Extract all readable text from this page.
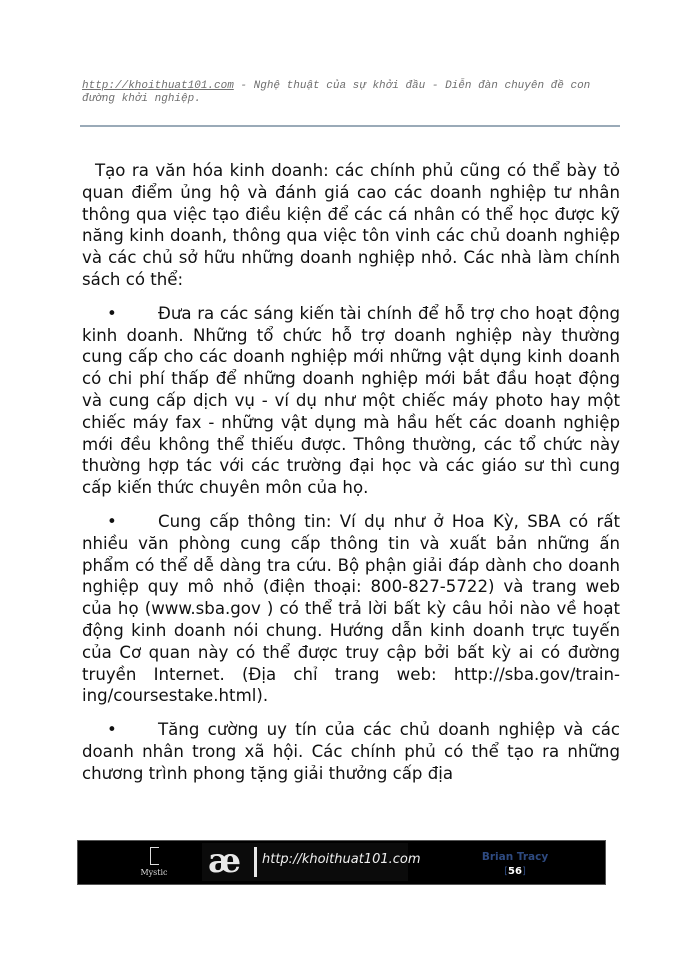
http://khoithuat101.com - Nghệ thuật của sự khởi đầu - Diễn đàn chuyên đề con đường khởi nghiệp.

Tạo ra văn hóa kinh doanh: các chính phủ cũng có thể bày tỏ quan điểm ủng hộ và đánh giá cao các doanh nghiệp tư nhân thông qua việc tạo điều kiện để các cá nhân có thể học được kỹ năng kinh doanh, thông qua việc tôn vinh các chủ doanh nghiệp và các chủ sở hữu những doanh nghiệp nhỏ. Các nhà làm chính sách có thể:

• Đưa ra các sáng kiến tài chính để hỗ trợ cho hoạt động kinh doanh. Những tổ chức hỗ trợ doanh nghiệp này thường cung cấp cho các doanh nghiệp mới những vật dụng kinh doanh có chi phí thấp để những doanh nghiệp mới bắt đầu hoạt động và cung cấp dịch vụ - ví dụ như một chiếc máy photo hay một chiếc máy fax - những vật dụng mà hầu hết các doanh nghiệp mới đều không thể thiếu được. Thông thường, các tổ chức này thường hợp tác với các trường đại học và các giáo sư thì cung cấp kiến thức chuyên môn của họ.

• Cung cấp thông tin: Ví dụ như ở Hoa Kỳ, SBA có rất nhiều văn phòng cung cấp thông tin và xuất bản những ấn phẩm có thể dễ dàng tra cứu. Bộ phận giải đáp dành cho doanh nghiệp quy mô nhỏ (điện thoại: 800-827-5722) và trang web của họ (www.sba.gov ) có thể trả lời bất kỳ câu hỏi nào về hoạt động kinh doanh nói chung. Hướng dẫn kinh doanh trực tuyến của Cơ quan này có thể được truy cập bởi bất kỳ ai có đường truyền Internet. (Địa chỉ trang web: http://sba.gov/train-ing/coursestake.html).

• Tăng cường uy tín của các chủ doanh nghiệp và các doanh nhân trong xã hội. Các chính phủ có thể tạo ra những chương trình phong tặng giải thưởng cấp địa

Mystic æ http://khoithuat101.com	Brian Tracy
[56]
